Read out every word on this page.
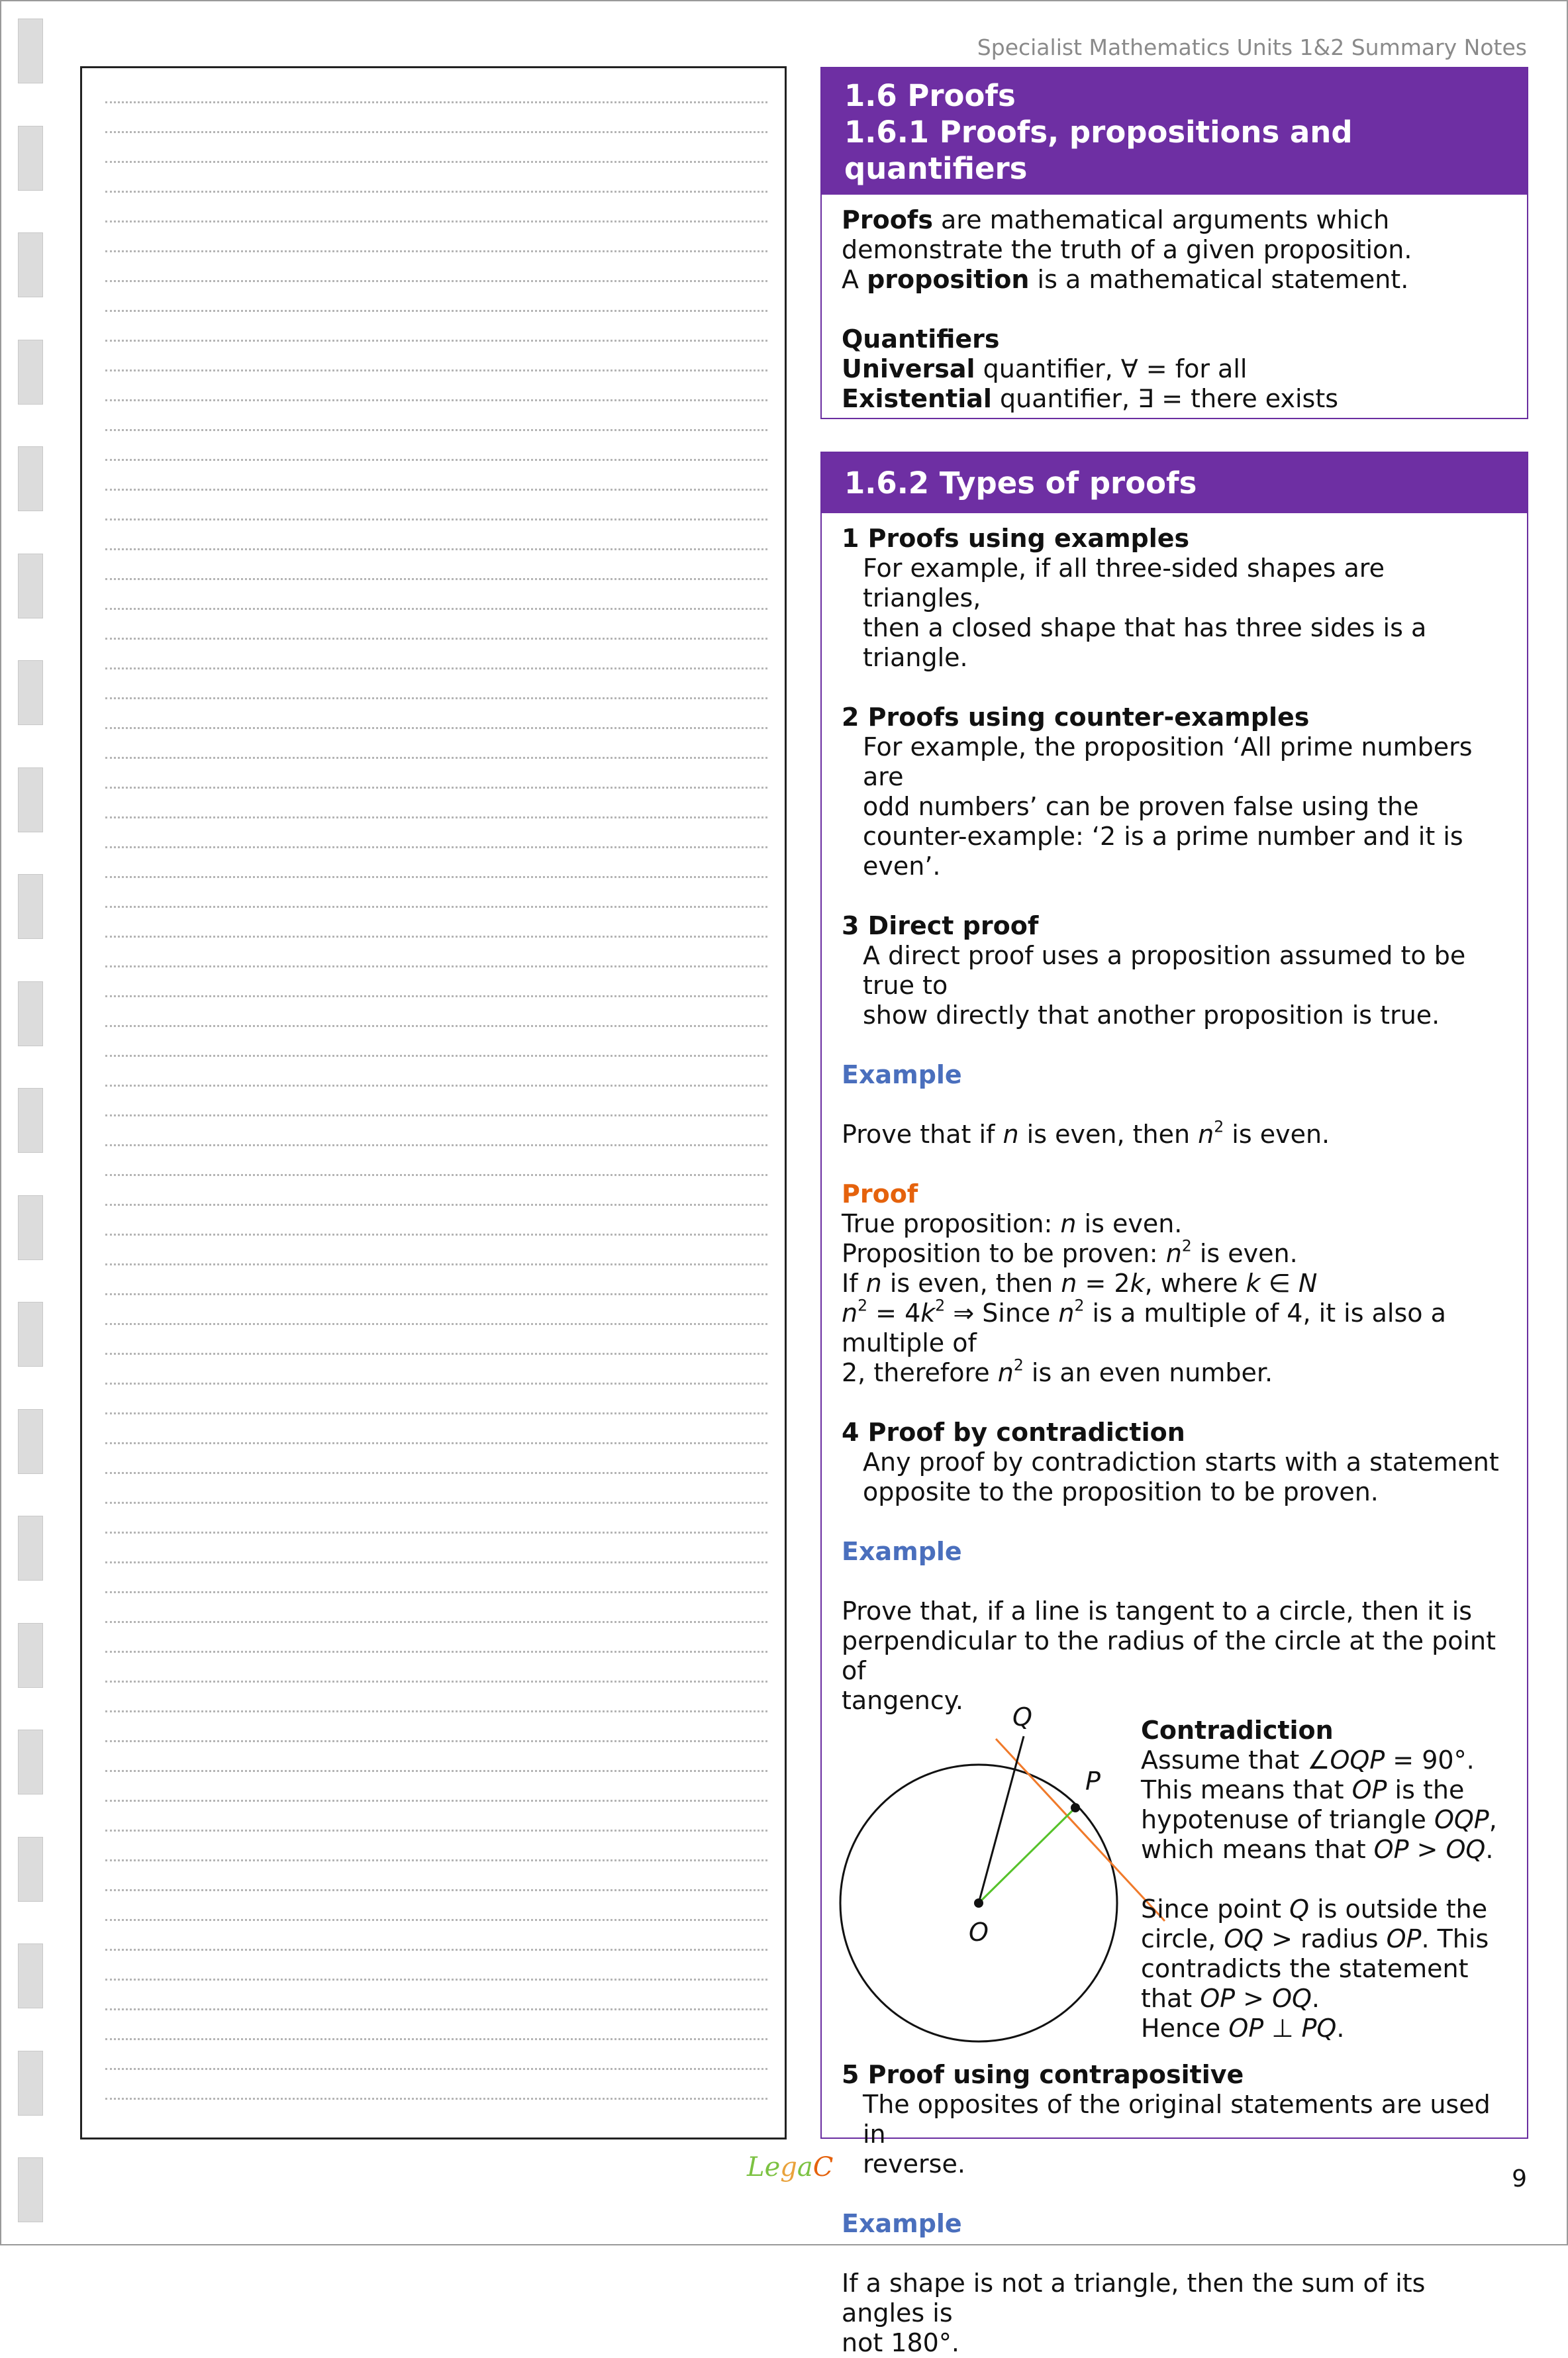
Specialist Mathematics Units 1&2 Summary Notes
1.6 Proofs
1.6.1 Proofs, propositions and quantifiers

Proofs are mathematical arguments which

demonstrate the truth of a given proposition.

A proposition is a mathematical statement.

Quantifiers

Universal quantifier, ∀ = for all

Existential quantifier, ∃ = there exists

1.6.2 Types of proofs

1 Proofs using examples

For example, if all three-sided shapes are triangles,

then a closed shape that has three sides is a triangle.

2 Proofs using counter-examples

For example, the proposition ‘All prime numbers are

odd numbers’ can be proven false using the

counter-example: ‘2 is a prime number and it is even’.

3 Direct proof

A direct proof uses a proposition assumed to be true to

show directly that another proposition is true.

Example

Prove that if n is even, then $n^2$ is even.

Proof

True proposition: n is even.

Proposition to be proven: $n^2$ is even.

If n is even, then n = 2k, where k ∈ N

$n^2 = 4k^2$ ⇒ Since $n^2$ is a multiple of 4, it is also a multiple of

2, therefore $n^2$ is an even number.

4 Proof by contradiction

Any proof by contradiction starts with a statement

opposite to the proposition to be proven.

Example

Prove that, if a line is tangent to a circle, then it is

perpendicular to the radius of the circle at the point of

tangency.

Q
P
O

Contradiction

Assume that ∠OQP = 90°.

This means that OP is the

hypotenuse of triangle OQP,

which means that OP > OQ.

Since point Q is outside the

circle, OQ > radius OP. This

contradicts the statement

that OP > OQ.

Hence OP ⊥ PQ.

5 Proof using contrapositive

The opposites of the original statements are used in

reverse.

Example

If a shape is not a triangle, then the sum of its angles is

not 180°.

LegaC	9
